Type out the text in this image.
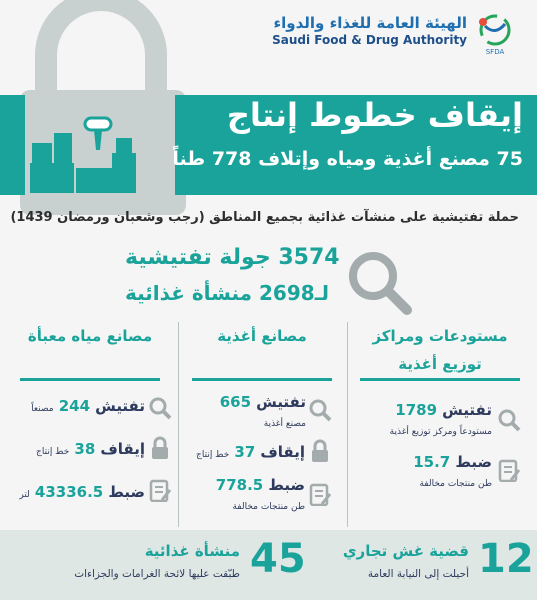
الهيئة العامة للغذاء والدواء
Saudi Food & Drug Authority
SFDA
إيقاف خطوط إنتاج
75 مصنع أغذية ومياه وإتلاف 778 طناً
حملة تفتيشية على منشآت غذائية بجميع المناطق (رجب وشعبان ورمضان 1439)
3574 جولة تفتيشية
لـ2698 منشأة غذائية
مصانع مياه معبأة	مصانع أغذية	مستودعات ومراكز توزيع أغذية
تفتيش 244 مصنعاً
إيقاف 38 خط إنتاج
ضبط 43336.5 لتر
تفتيش 665
مصنع أغذية
إيقاف 37 خط إنتاج
ضبط 778.5
طن منتجات مخالفة
تفتيش 1789
مستودعاً ومركز توزيع أغذية
ضبط 15.7
طن منتجات مخالفة
45
منشأة غذائية
طبّقت عليها لائحة الغرامات والجزاءات	12
قضية غش تجاري
أحيلت إلى النيابة العامة
